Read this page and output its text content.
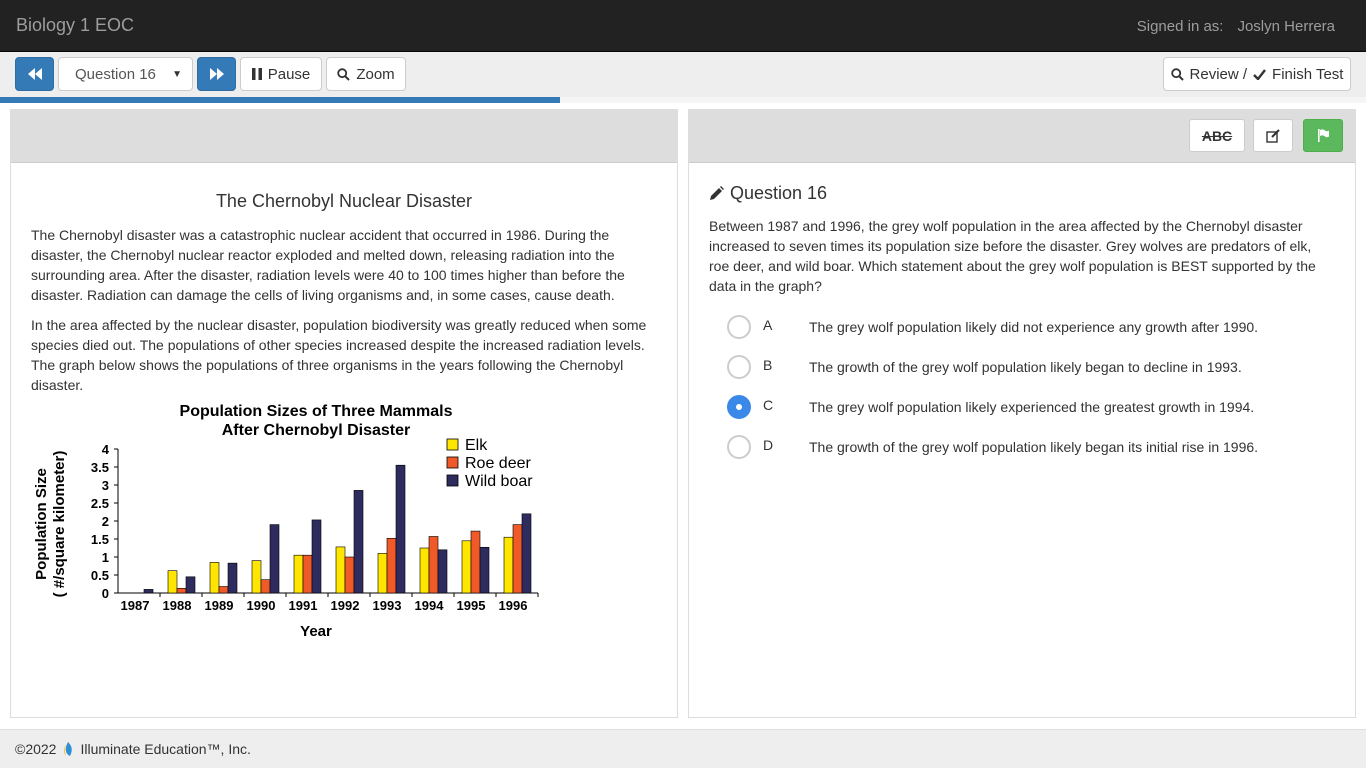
Biology 1 EOC	Signed in as: Joslyn Herrera
Question 16 ▼	Pause	Zoom	Review / Finish Test
The Chernobyl Nuclear Disaster

The Chernobyl disaster was a catastrophic nuclear accident that occurred in 1986. During the disaster, the Chernobyl nuclear reactor exploded and melted down, releasing radiation into the surrounding area. After the disaster, radiation levels were 40 to 100 times higher than before the disaster. Radiation can damage the cells of living organisms and, in some cases, cause death.

In the area affected by the nuclear disaster, population biodiversity was greatly reduced when some species died out. The populations of other species increased despite the increased radiation levels. The graph below shows the populations of three organisms in the years following the Chernobyl disaster.

Population Sizes of Three Mammals
After Chernobyl Disaster
Population Size ( #/square kilometer)
Year
0
0.5
1
1.5
2
2.5
3
3.5
4
1987 1988 1989 1990 1991 1992 1993 1994 1995 1996
Elk
Roe deer
Wild boar
ABC
Question 16
Between 1987 and 1996, the grey wolf population in the area affected by the Chernobyl disaster increased to seven times its population size before the disaster. Grey wolves are predators of elk, roe deer, and wild boar. Which statement about the grey wolf population is BEST supported by the data in the graph?
A	The grey wolf population likely did not experience any growth after 1990.
B	The growth of the grey wolf population likely began to decline in 1993.
C	The grey wolf population likely experienced the greatest growth in 1994.
D	The growth of the grey wolf population likely began its initial rise in 1996.
©2022 Illuminate Education™, Inc.
